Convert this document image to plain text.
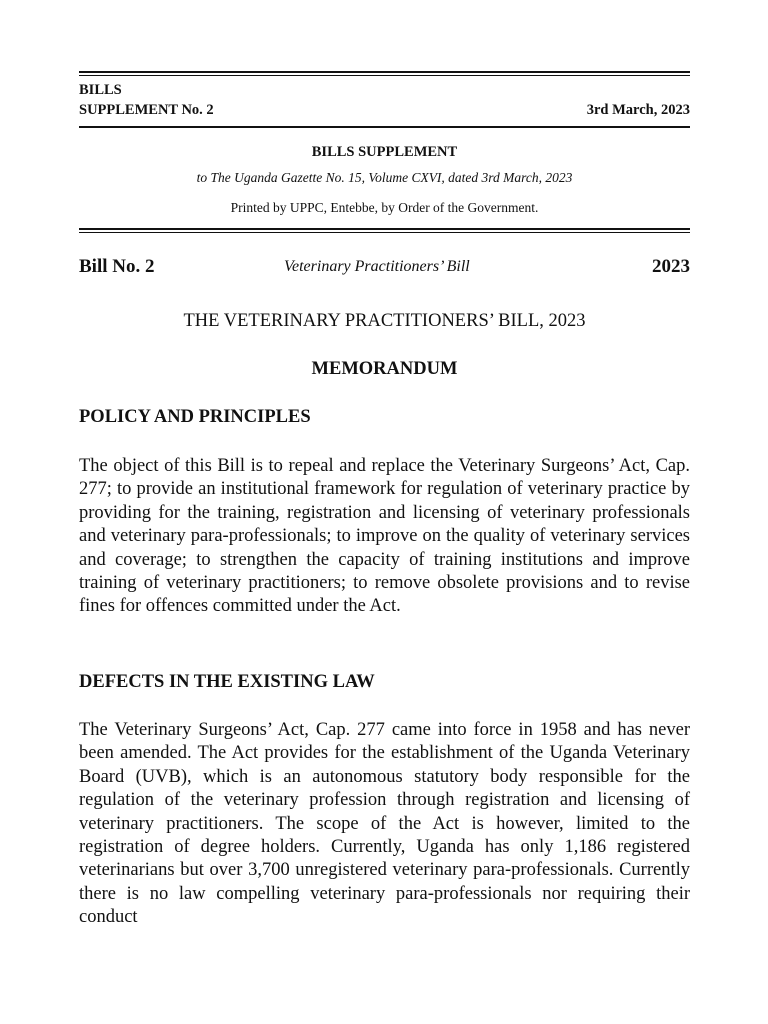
BILLS
SUPPLEMENT No. 2	3rd March, 2023
BILLS SUPPLEMENT
to The Uganda Gazette No. 15, Volume CXVI, dated 3rd March, 2023
Printed by UPPC, Entebbe, by Order of the Government.
Bill No. 2	Veterinary Practitioners’ Bill	2023
THE VETERINARY PRACTITIONERS’ BILL, 2023
MEMORANDUM
POLICY AND PRINCIPLES

The object of this Bill is to repeal and replace the Veterinary Surgeons’ Act, Cap. 277; to provide an institutional framework for regulation of veterinary practice by providing for the training, registration and licensing of veterinary professionals and veterinary para-professionals; to improve on the quality of veterinary services and coverage; to strengthen the capacity of training institutions and improve training of veterinary practitioners; to remove obsolete provisions and to revise fines for offences committed under the Act.

DEFECTS IN THE EXISTING LAW

The Veterinary Surgeons’ Act, Cap. 277 came into force in 1958 and has never been amended. The Act provides for the establishment of the Uganda Veterinary Board (UVB), which is an autonomous statutory body responsible for the regulation of the veterinary profession through registration and licensing of veterinary practitioners. The scope of the Act is however, limited to the registration of degree holders. Currently, Uganda has only 1,186 registered veterinarians but over 3,700 unregistered veterinary para-professionals. Currently there is no law compelling veterinary para-professionals nor requiring their conduct
